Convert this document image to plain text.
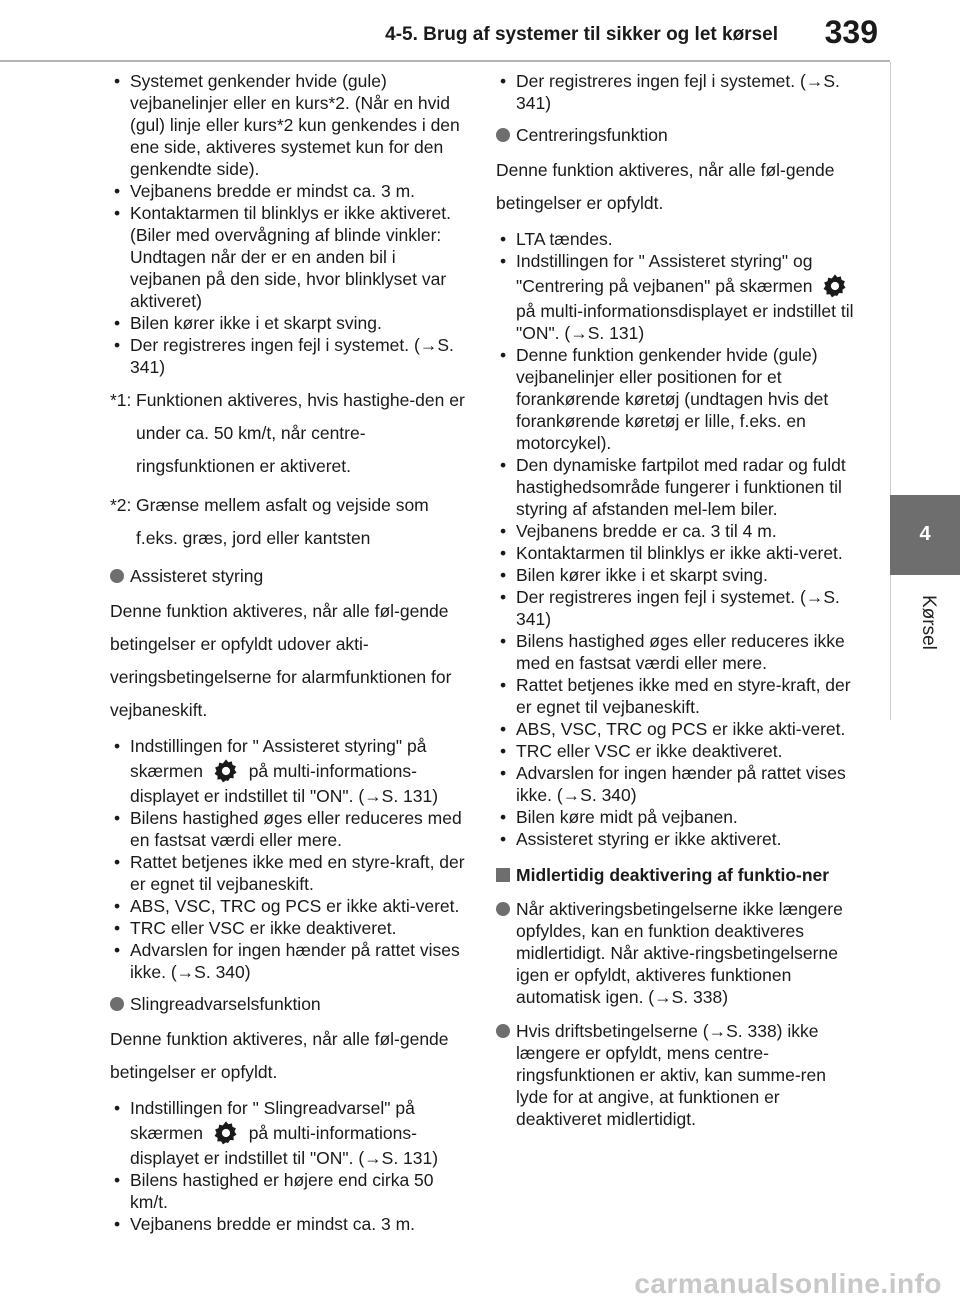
4-5. Brug af systemer til sikker og let kørsel 339
4
Kørsel
• Systemet genkender hvide (gule) vejbanelinjer eller en kurs*2. (Når en hvid (gul) linje eller kurs*2 kun genkendes i den ene side, aktiveres systemet kun for den genkendte side).
• Vejbanens bredde er mindst ca. 3 m.
• Kontaktarmen til blinklys er ikke aktiveret. (Biler med overvågning af blinde vinkler: Undtagen når der er en anden bil i vejbanen på den side, hvor blinklyset var aktiveret)
• Bilen kører ikke i et skarpt sving.
• Der registreres ingen fejl i systemet. (→S. 341)
*1: Funktionen aktiveres, hvis hastighe-den er under ca. 50 km/t, når centre-ringsfunktionen er aktiveret.
*2: Grænse mellem asfalt og vejside som f.eks. græs, jord eller kantsten
Assisteret styring
Denne funktion aktiveres, når alle føl-gende betingelser er opfyldt udover akti-veringsbetingelserne for alarmfunktionen for vejbaneskift.
• Indstillingen for " Assisteret styring" på skærmen	på multi-informations-displayet er indstillet til "ON". (→S. 131)
• Bilens hastighed øges eller reduceres med en fastsat værdi eller mere.
• Rattet betjenes ikke med en styre-kraft, der er egnet til vejbaneskift.
• ABS, VSC, TRC og PCS er ikke akti-veret.
• TRC eller VSC er ikke deaktiveret.
• Advarslen for ingen hænder på rattet vises ikke. (→S. 340)
Slingreadvarselsfunktion
Denne funktion aktiveres, når alle føl-gende betingelser er opfyldt.
• Indstillingen for " Slingreadvarsel" på skærmen	på multi-informations-displayet er indstillet til "ON". (→S. 131)
• Bilens hastighed er højere end cirka 50 km/t.
• Vejbanens bredde er mindst ca. 3 m.
• Der registreres ingen fejl i systemet. (→S. 341)
Centreringsfunktion
Denne funktion aktiveres, når alle føl-gende betingelser er opfyldt.
• LTA tændes.
• Indstillingen for " Assisteret styring" og "Centrering på vejbanen" på skærmen  på multi-informationsdisplayet er indstillet til "ON". (→S. 131)
• Denne funktion genkender hvide (gule) vejbanelinjer eller positionen for et forankørende køretøj (undtagen hvis det forankørende køretøj er lille, f.eks. en motorcykel).
• Den dynamiske fartpilot med radar og fuldt hastighedsområde fungerer i funktionen til styring af afstanden mel-lem biler.
• Vejbanens bredde er ca. 3 til 4 m.
• Kontaktarmen til blinklys er ikke akti-veret.
• Bilen kører ikke i et skarpt sving.
• Der registreres ingen fejl i systemet. (→S. 341)
• Bilens hastighed øges eller reduceres ikke med en fastsat værdi eller mere.
• Rattet betjenes ikke med en styre-kraft, der er egnet til vejbaneskift.
• ABS, VSC, TRC og PCS er ikke akti-veret.
• TRC eller VSC er ikke deaktiveret.
• Advarslen for ingen hænder på rattet vises ikke. (→S. 340)
• Bilen køre midt på vejbanen.
• Assisteret styring er ikke aktiveret.
Midlertidig deaktivering af funktio-ner
Når aktiveringsbetingelserne ikke længere opfyldes, kan en funktion deaktiveres midlertidigt. Når aktive-ringsbetingelserne igen er opfyldt, aktiveres funktionen automatisk igen. (→S. 338)
Hvis driftsbetingelserne (→S. 338) ikke længere er opfyldt, mens centre-ringsfunktionen er aktiv, kan summe-ren lyde for at angive, at funktionen er deaktiveret midlertidigt.
carmanualsonline.info
